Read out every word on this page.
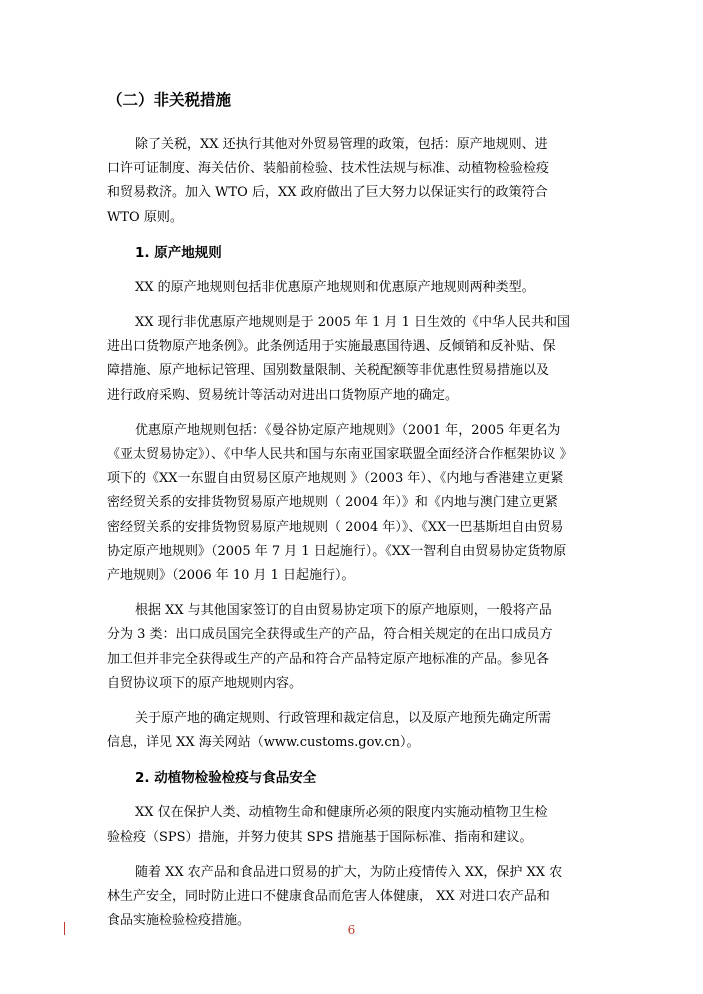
（二）非关税措施

除了关税，XX 还执行其他对外贸易管理的政策，包括：原产地规则、进
口许可证制度、海关估价、装船前检验、技术性法规与标准、动植物检验检疫
和贸易救济。加入 WTO 后，XX 政府做出了巨大努力以保证实行的政策符合
WTO 原则。

1. 原产地规则

XX 的原产地规则包括非优惠原产地规则和优惠原产地规则两种类型。

XX 现行非优惠原产地规则是于 2005 年 1 月 1 日生效的《中华人民共和国
进出口货物原产地条例》。此条例适用于实施最惠国待遇、反倾销和反补贴、保
障措施、原产地标记管理、国别数量限制、关税配额等非优惠性贸易措施以及
进行政府采购、贸易统计等活动对进出口货物原产地的确定。

优惠原产地规则包括：《曼谷协定原产地规则》（2001 年，2005 年更名为
《亚太贸易协定》）、《中华人民共和国与东南亚国家联盟全面经济合作框架协议 》
项下的《XX一东盟自由贸易区原产地规则 》（2003 年）、《内地与香港建立更紧
密经贸关系的安排货物贸易原产地规则（ 2004 年）》和《内地与澳门建立更紧
密经贸关系的安排货物贸易原产地规则（ 2004 年）》、《XX一巴基斯坦自由贸易
协定原产地规则》（2005 年 7 月 1 日起施行）。《XX一智利自由贸易协定货物原
产地规则》（2006 年 10 月 1 日起施行）。

根据 XX 与其他国家签订的自由贸易协定项下的原产地原则，一般将产品
分为 3 类：出口成员国完全获得或生产的产品，符合相关规定的在出口成员方
加工但并非完全获得或生产的产品和符合产品特定原产地标准的产品。参见各
自贸协议项下的原产地规则内容。

关于原产地的确定规则、行政管理和裁定信息，以及原产地预先确定所需
信息，详见 XX 海关网站（www.customs.gov.cn）。

2. 动植物检验检疫与食品安全

XX 仅在保护人类、动植物生命和健康所必须的限度内实施动植物卫生检
验检疫（SPS）措施，并努力使其 SPS 措施基于国际标准、指南和建议。

随着 XX 农产品和食品进口贸易的扩大，为防止疫情传入 XX，保护 XX 农
林生产安全，同时防止进口不健康食品而危害人体健康， XX 对进口农产品和
食品实施检验检疫措施。

6
